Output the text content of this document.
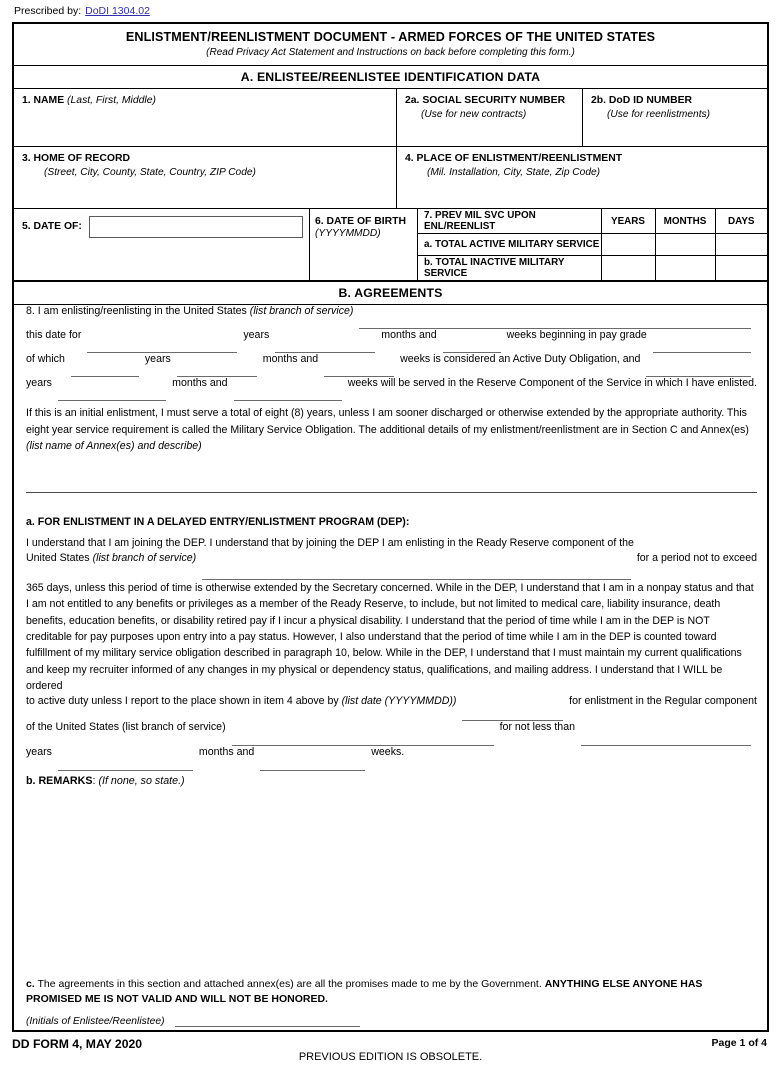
Prescribed by: DoDI 1304.02
ENLISTMENT/REENLISTMENT DOCUMENT - ARMED FORCES OF THE UNITED STATES
(Read Privacy Act Statement and Instructions on back before completing this form.)
A. ENLISTEE/REENLISTEE IDENTIFICATION DATA
1. NAME (Last, First, Middle)	2a. SOCIAL SECURITY NUMBER
(Use for new contracts)
2b. DoD ID NUMBER
(Use for reenlistments)
3. HOME OF RECORD
(Street, City, County, State, Country, ZIP Code)
4. PLACE OF ENLISTMENT/REENLISTMENT
(Mil. Installation, City, State, Zip Code)
5. DATE OF:	6. DATE OF BIRTH
(YYYYMMDD)
7. PREV MIL SVC UPON ENL/REENLIST	YEARS	MONTHS	DAYS
a. TOTAL ACTIVE MILITARY SERVICE			
b. TOTAL INACTIVE MILITARY SERVICE			
B. AGREEMENTS
8.
I am enlisting/reenlisting in the United States
(list branch of service)
this date for	years	months and	weeks beginning in pay grade
of which	years	months and	weeks is considered an Active Duty Obligation, and
years	months and	weeks will be served in the Reserve Component of the Service in which I have enlisted.
If this is an initial enlistment, I must serve a total of eight (8) years, unless I am sooner discharged or otherwise extended by the appropriate authority. This eight year service requirement is called the Military Service Obligation. The additional details of my enlistment/reenlistment are in Section C and Annex(es) (list name of Annex(es) and describe)
a. FOR ENLISTMENT IN A DELAYED ENTRY/ENLISTMENT PROGRAM (DEP):
I understand that I am joining the DEP. I understand that by joining the DEP I am enlisting in the Ready Reserve component of the
United States
(list branch of service)	for a period not to exceed
365 days, unless this period of time is otherwise extended by the Secretary concerned. While in the DEP, I understand that I am in a nonpay status and that I am not entitled to any benefits or privileges as a member of the Ready Reserve, to include, but not limited to medical care, liability insurance, death benefits, education benefits, or disability retired pay if I incur a physical disability. I understand that the period of time while I am in the DEP is NOT creditable for pay purposes upon entry into a pay status. However, I also understand that the period of time while I am in the DEP is counted toward fulfillment of my military service obligation described in paragraph 10, below. While in the DEP, I understand that I must maintain my current qualifications and keep my recruiter informed of any changes in my physical or dependency status, qualifications, and mailing address. I understand that I WILL be ordered
to active duty unless I report to the place shown in item 4 above by
(list date (YYYYMMDD))	for enlistment in the Regular component
of the United States (list branch of service)	for not less than
years	months and	weeks.
b. REMARKS: (If none, so state.)
c. The agreements in this section and attached annex(es) are all the promises made to me by the Government. ANYTHING ELSE ANYONE HAS PROMISED ME IS NOT VALID AND WILL NOT BE HONORED.
(Initials of Enlistee/Reenlistee)
DD FORM 4, MAY 2020
PREVIOUS EDITION IS OBSOLETE.
Page 1 of 4
